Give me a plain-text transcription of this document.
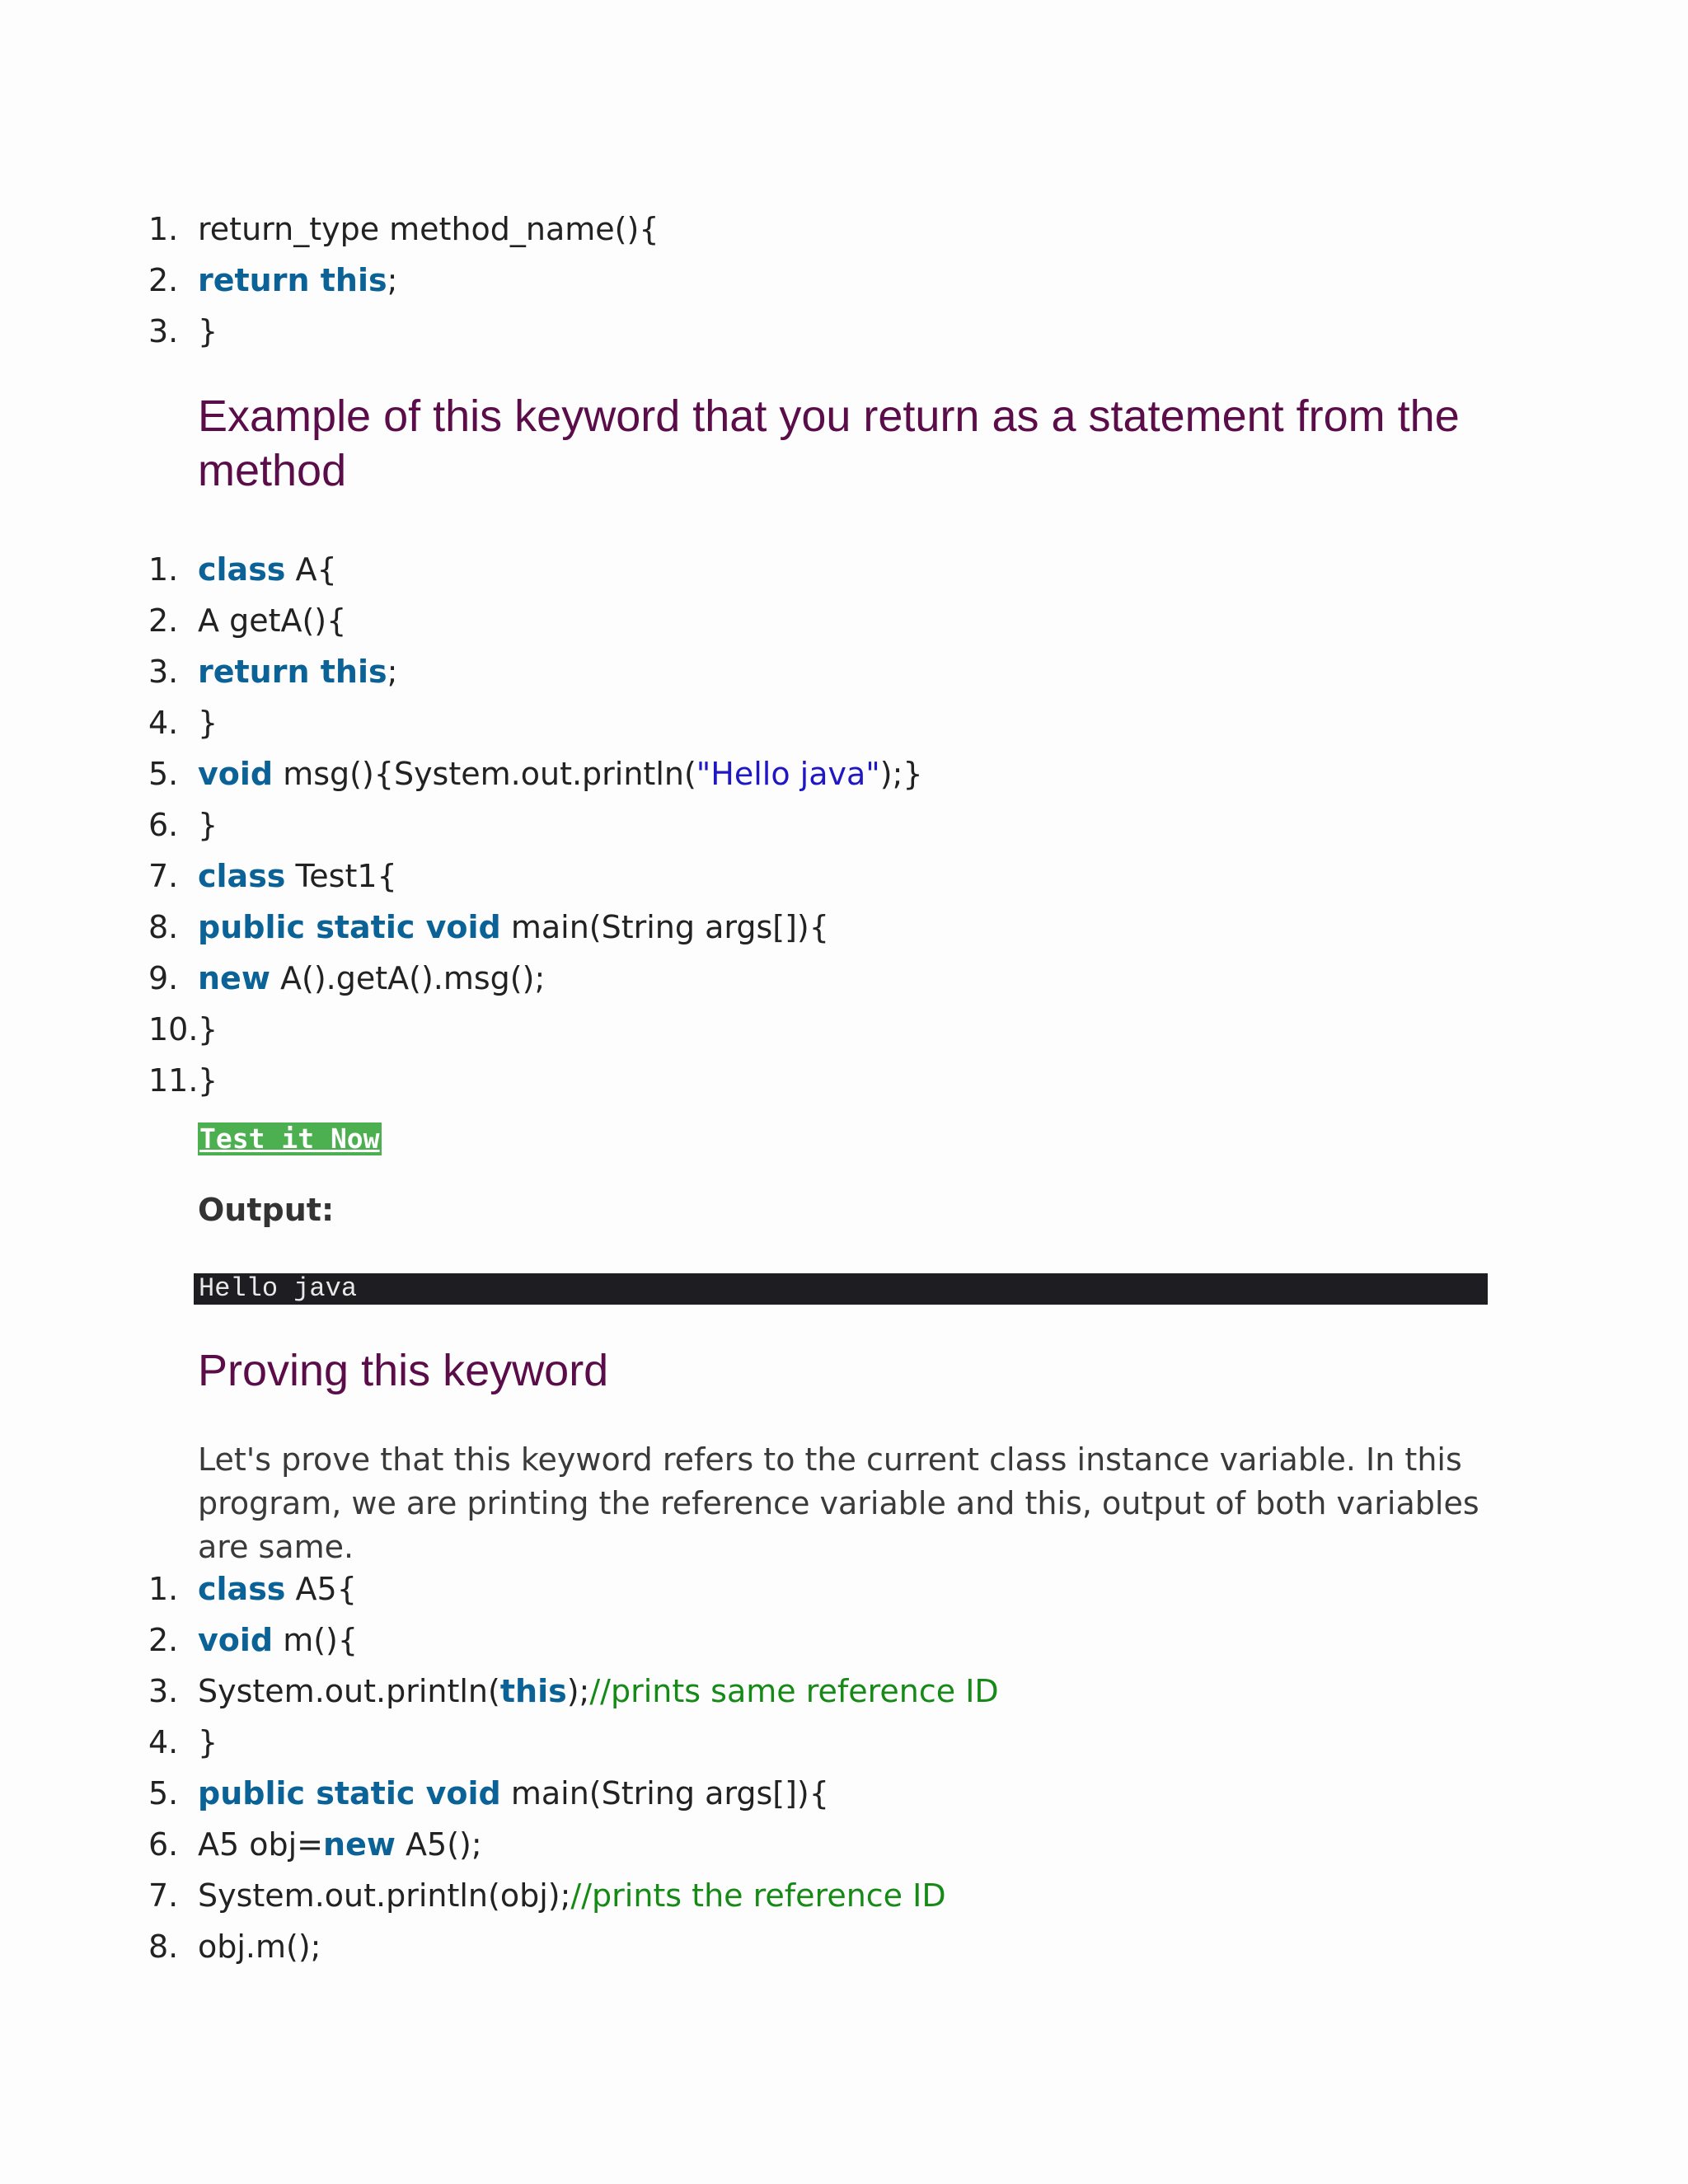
1. return_type method_name(){
2. return this;
3. }
Example of this keyword that you return as a statement from the method
1. class A{
2. A getA(){
3. return this;
4. }
5. void msg(){System.out.println("Hello java");}
6. }
7. class Test1{
8. public static void main(String args[]){
9. new A().getA().msg();
10. }
11. }
Test it Now
Output:
Hello java
Proving this keyword

Let's prove that this keyword refers to the current class instance variable. In this program, we are printing the reference variable and this, output of both variables are same.

1. class A5{
2. void m(){
3. System.out.println(this);//prints same reference ID
4. }
5. public static void main(String args[]){
6. A5 obj=new A5();
7. System.out.println(obj);//prints the reference ID
8. obj.m();
